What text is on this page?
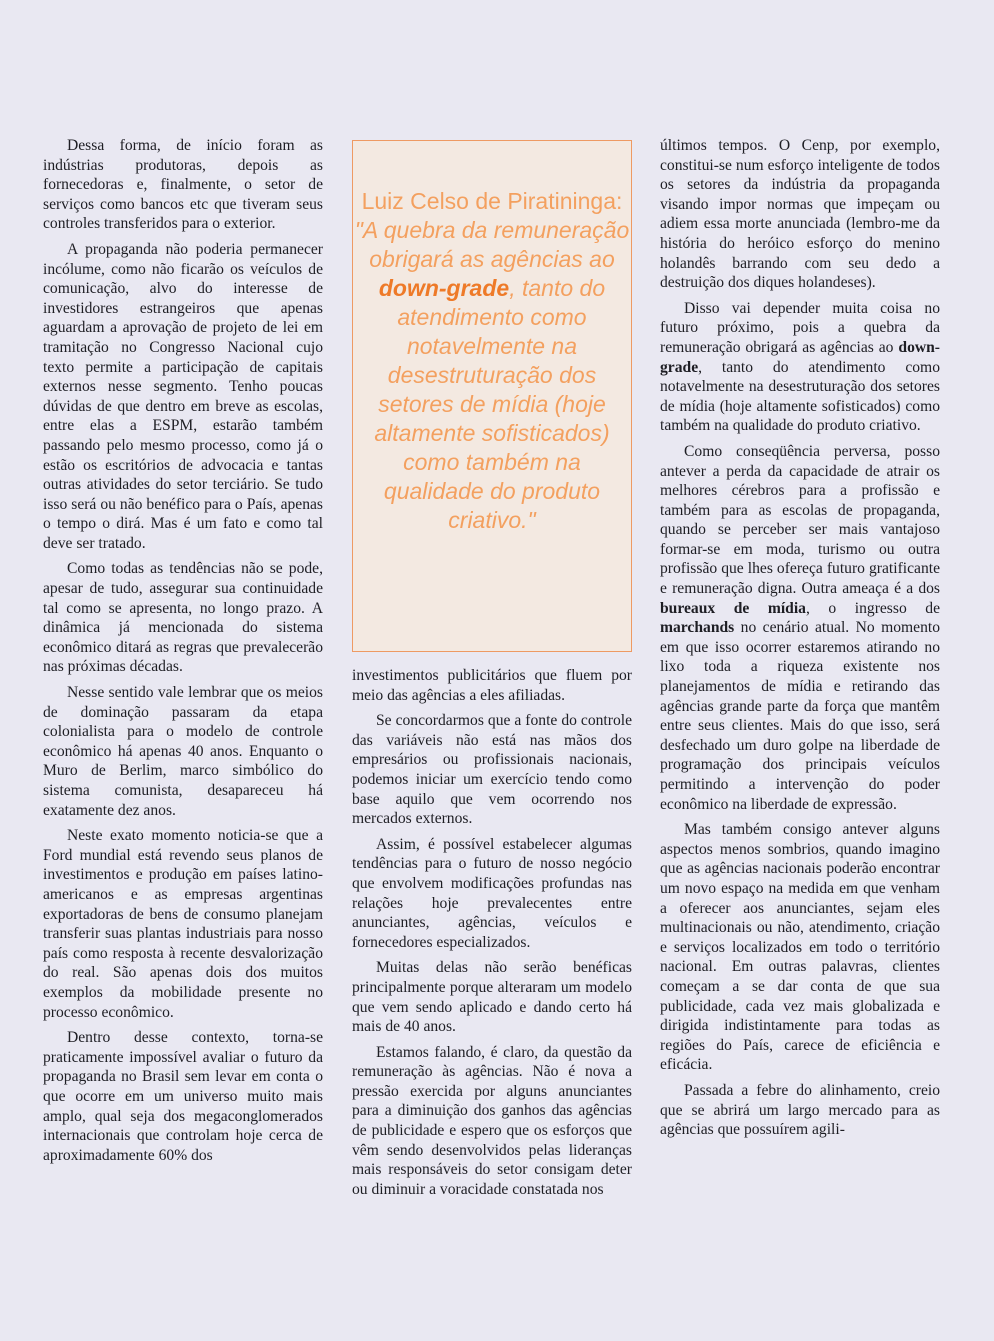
Dessa forma, de início foram as indústrias produtoras, depois as fornecedoras e, finalmente, o setor de serviços como bancos etc que tiveram seus controles transferidos para o exterior.

A propaganda não poderia permanecer incólume, como não ficarão os veículos de comunicação, alvo do interesse de investidores estrangeiros que apenas aguardam a aprovação de projeto de lei em tramitação no Congresso Nacional cujo texto permite a participação de capitais externos nesse segmento. Tenho poucas dúvidas de que dentro em breve as escolas, entre elas a ESPM, estarão também passando pelo mesmo processo, como já o estão os escritórios de advocacia e tantas outras atividades do setor terciário. Se tudo isso será ou não benéfico para o País, apenas o tempo o dirá. Mas é um fato e como tal deve ser tratado.

Como todas as tendências não se pode, apesar de tudo, assegurar sua continuidade tal como se apresenta, no longo prazo. A dinâmica já mencionada do sistema econômico ditará as regras que prevalecerão nas próximas décadas.

Nesse sentido vale lembrar que os meios de dominação passaram da etapa colonialista para o modelo de controle econômico há apenas 40 anos. Enquanto o Muro de Berlim, marco simbólico do sistema comunista, desapareceu há exatamente dez anos.

Neste exato momento noticia-se que a Ford mundial está revendo seus planos de investimentos e produção em países latino-americanos e as empresas argentinas exportadoras de bens de consumo planejam transferir suas plantas industriais para nosso país como resposta à recente desvalorização do real. São apenas dois dos muitos exemplos da mobilidade presente no processo econômico.

Dentro desse contexto, torna-se praticamente impossível avaliar o futuro da propaganda no Brasil sem levar em conta o que ocorre em um universo muito mais amplo, qual seja dos megaconglomerados internacionais que controlam hoje cerca de aproximadamente 60% dos

Luiz Celso de Piratininga:
"A quebra da remuneração obrigará as agências ao down-grade, tanto do atendimento como notavelmente na desestruturação dos setores de mídia (hoje altamente sofisticados) como também na qualidade do produto criativo."

investimentos publicitários que fluem por meio das agências a eles afiliadas.

Se concordarmos que a fonte do controle das variáveis não está nas mãos dos empresários ou profissionais nacionais, podemos iniciar um exercício tendo como base aquilo que vem ocorrendo nos mercados externos.

Assim, é possível estabelecer algumas tendências para o futuro de nosso negócio que envolvem modificações profundas nas relações hoje prevalecentes entre anunciantes, agências, veículos e fornecedores especializados.

Muitas delas não serão benéficas principalmente porque alteraram um modelo que vem sendo aplicado e dando certo há mais de 40 anos.

Estamos falando, é claro, da questão da remuneração às agências. Não é nova a pressão exercida por alguns anunciantes para a diminuição dos ganhos das agências de publicidade e espero que os esforços que vêm sendo desenvolvidos pelas lideranças mais responsáveis do setor consigam deter ou diminuir a voracidade constatada nos

últimos tempos. O Cenp, por exemplo, constitui-se num esforço inteligente de todos os setores da indústria da propaganda visando impor normas que impeçam ou adiem essa morte anunciada (lembro-me da história do heróico esforço do menino holandês barrando com seu dedo a destruição dos diques holandeses).

Disso vai depender muita coisa no futuro próximo, pois a quebra da remuneração obrigará as agências ao down-grade, tanto do atendimento como notavelmente na desestruturação dos setores de mídia (hoje altamente sofisticados) como também na qualidade do produto criativo.

Como conseqüência perversa, posso antever a perda da capacidade de atrair os melhores cérebros para a profissão e também para as escolas de propaganda, quando se perceber ser mais vantajoso formar-se em moda, turismo ou outra profissão que lhes ofereça futuro gratificante e remuneração digna. Outra ameaça é a dos bureaux de mídia, o ingresso de marchands no cenário atual. No momento em que isso ocorrer estaremos atirando no lixo toda a riqueza existente nos planejamentos de mídia e retirando das agências grande parte da força que mantêm entre seus clientes. Mais do que isso, será desfechado um duro golpe na liberdade de programação dos principais veículos permitindo a intervenção do poder econômico na liberdade de expressão.

Mas também consigo antever alguns aspectos menos sombrios, quando imagino que as agências nacionais poderão encontrar um novo espaço na medida em que venham a oferecer aos anunciantes, sejam eles multinacionais ou não, atendimento, criação e serviços localizados em todo o território nacional. Em outras palavras, clientes começam a se dar conta de que sua publicidade, cada vez mais globalizada e dirigida indistintamente para todas as regiões do País, carece de eficiência e eficácia.

Passada a febre do alinhamento, creio que se abrirá um largo mercado para as agências que possuírem agili-
